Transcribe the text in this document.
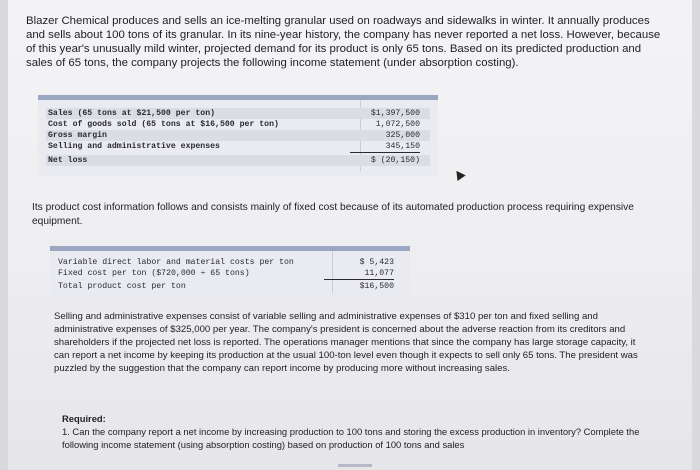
Blazer Chemical produces and sells an ice-melting granular used on roadways and sidewalks in winter. It annually produces and sells about 100 tons of its granular. In its nine-year history, the company has never reported a net loss. However, because of this year's unusually mild winter, projected demand for its product is only 65 tons. Based on its predicted production and sales of 65 tons, the company projects the following income statement (under absorption costing).
Sales (65 tons at $21,500 per ton)	$1,397,500
Cost of goods sold (65 tons at $16,500 per ton)	1,072,500
Gross margin	325,000
Selling and administrative expenses	345,150
Net loss	$ (20,150)
Its product cost information follows and consists mainly of fixed cost because of its automated production process requiring expensive equipment.
Variable direct labor and material costs per ton	$ 5,423
Fixed cost per ton ($720,000 ÷ 65 tons)	11,077
Total product cost per ton	$16,500
Selling and administrative expenses consist of variable selling and administrative expenses of $310 per ton and fixed selling and administrative expenses of $325,000 per year. The company's president is concerned about the adverse reaction from its creditors and shareholders if the projected net loss is reported. The operations manager mentions that since the company has large storage capacity, it can report a net income by keeping its production at the usual 100-ton level even though it expects to sell only 65 tons. The president was puzzled by the suggestion that the company can report income by producing more without increasing sales.
Required:
1. Can the company report a net income by increasing production to 100 tons and storing the excess production in inventory? Complete the following income statement (using absorption costing) based on production of 100 tons and sales
